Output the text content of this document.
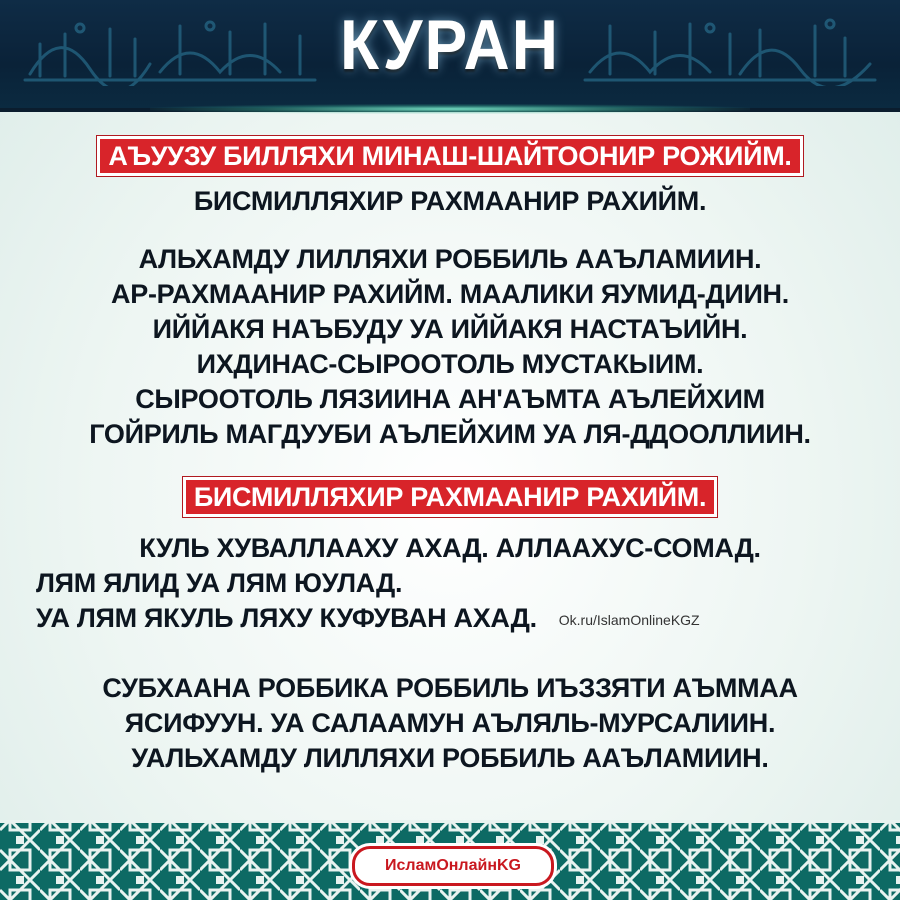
КУРАН
АЪУУЗУ БИЛЛЯХИ МИНАШ-ШАЙТООНИР РОЖИЙМ.
БИСМИЛЛЯХИР РАХМААНИР РАХИЙМ.
АЛЬХАМДУ ЛИЛЛЯХИ РОББИЛЬ ААЪЛАМИИН.
АР-РАХМААНИР РАХИЙМ. МААЛИКИ ЯУМИД-ДИИН.
ИЙЙАКЯ НАЪБУДУ УА ИЙЙАКЯ НАСТАЪИЙН.
ИХДИНАС-СЫРООТОЛЬ МУСТАКЫИМ.
СЫРООТОЛЬ ЛЯЗИИНА АН'АЪМТА АЪЛЕЙХИМ
ГОЙРИЛЬ МАГДУУБИ АЪЛЕЙХИМ УА ЛЯ-ДДООЛЛИИН.
БИСМИЛЛЯХИР РАХМААНИР РАХИЙМ.
КУЛЬ ХУВАЛЛААХУ АХАД. АЛЛААХУС-СОМАД.
ЛЯМ ЯЛИД УА ЛЯМ ЮУЛАД.
УА ЛЯМ ЯКУЛЬ ЛЯХУ КУФУВАН АХАД. Ok.ru/IslamOnlineKGZ
СУБХААНА РОББИКА РОББИЛЬ ИЪЗЗЯТИ АЪММАА
ЯСИФУУН. УА САЛААМУН АЪЛЯЛЬ-МУРСАЛИИН.
УАЛЬХАМДУ ЛИЛЛЯХИ РОББИЛЬ ААЪЛАМИИН.
ИсламОнлайнKG
